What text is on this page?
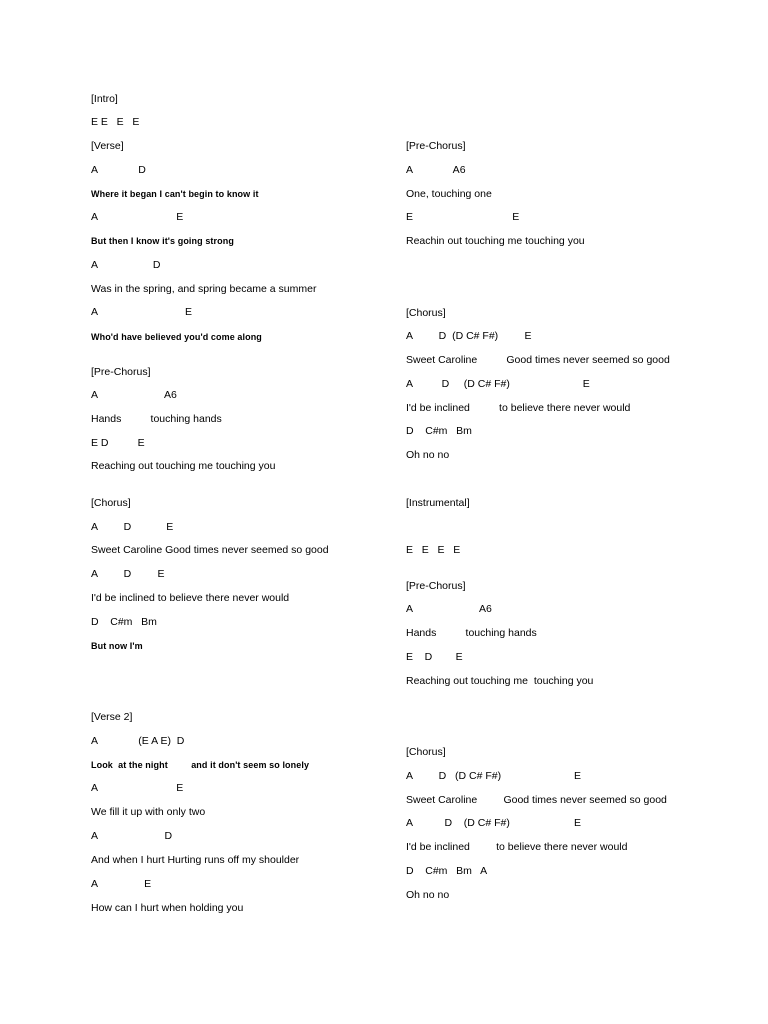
[Intro]
E E   E   E
[Verse]
A              D
Where it began I can't begin to know it
A                           E
But then I know it's going strong
A                   D
Was in the spring, and spring became a summer
A                              E
Who'd have believed you'd come along
[Pre-Chorus]
A                       A6
Hands          touching hands
E D          E
Reaching out touching me touching you
[Chorus]
A         D            E
Sweet Caroline Good times never seemed so good
A         D         E
I'd be inclined to believe there never would
D    C#m   Bm
But now I'm
[Verse 2]
A              (E A E)  D
Look  at the night         and it don't seem so lonely
A                           E
We fill it up with only two
A                       D
And when I hurt Hurting runs off my shoulder
A                E
How can I hurt when holding you
[Pre-Chorus]
A              A6
One, touching one
E                                  E
Reachin out touching me touching you
[Chorus]
A         D  (D C# F#)         E
Sweet Caroline          Good times never seemed so good
A          D     (D C# F#)                         E
I'd be inclined          to believe there never would
D    C#m   Bm
Oh no no
[Instrumental]
E   E   E   E
[Pre-Chorus]
A                       A6
Hands          touching hands
E    D        E
Reaching out touching me  touching you
[Chorus]
A         D   (D C# F#)                         E
Sweet Caroline         Good times never seemed so good
A           D    (D C# F#)                      E
I'd be inclined         to believe there never would
D    C#m   Bm   A
Oh no no
